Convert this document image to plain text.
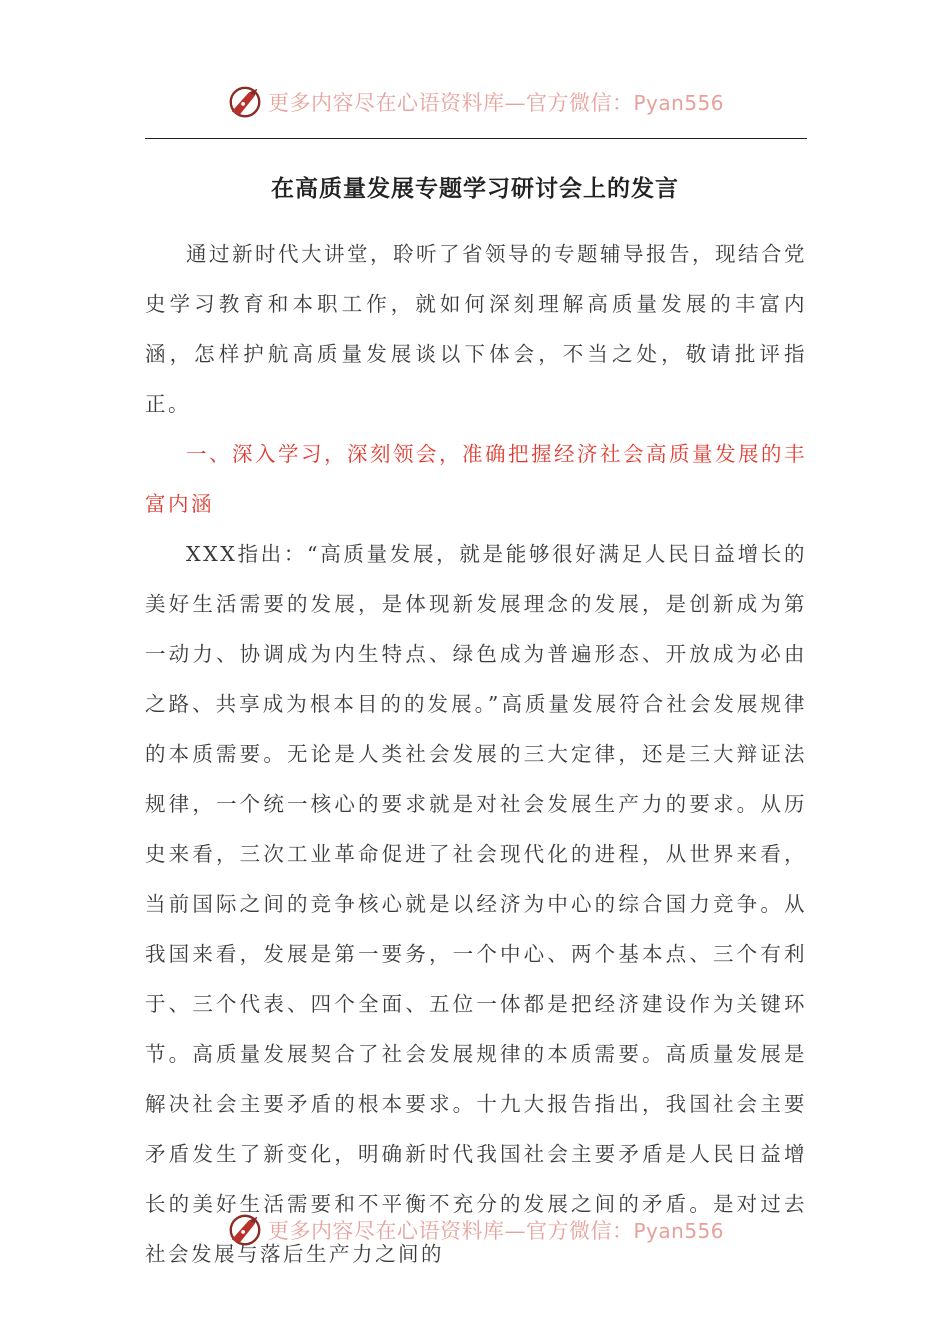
更多内容尽在心语资料库—官方微信：Pyan556
在高质量发展专题学习研讨会上的发言

通过新时代大讲堂，聆听了省领导的专题辅导报告，现结合党史学习教育和本职工作，就如何深刻理解高质量发展的丰富内涵，怎样护航高质量发展谈以下体会，不当之处，敬请批评指正。

一、深入学习，深刻领会，准确把握经济社会高质量发展的丰富内涵

XXX指出：“高质量发展，就是能够很好满足人民日益增长的美好生活需要的发展，是体现新发展理念的发展，是创新成为第一动力、协调成为内生特点、绿色成为普遍形态、开放成为必由之路、共享成为根本目的的发展。”高质量发展符合社会发展规律的本质需要。无论是人类社会发展的三大定律，还是三大辩证法规律，一个统一核心的要求就是对社会发展生产力的要求。从历史来看，三次工业革命促进了社会现代化的进程，从世界来看，当前国际之间的竞争核心就是以经济为中心的综合国力竞争。从我国来看，发展是第一要务，一个中心、两个基本点、三个有利于、三个代表、四个全面、五位一体都是把经济建设作为关键环节。高质量发展契合了社会发展规律的本质需要。高质量发展是解决社会主要矛盾的根本要求。十九大报告指出，我国社会主要矛盾发生了新变化，明确新时代我国社会主要矛盾是人民日益增长的美好生活需要和不平衡不充分的发展之间的矛盾。是对过去社会发展与落后生产力之间的

更多内容尽在心语资料库—官方微信：Pyan556
